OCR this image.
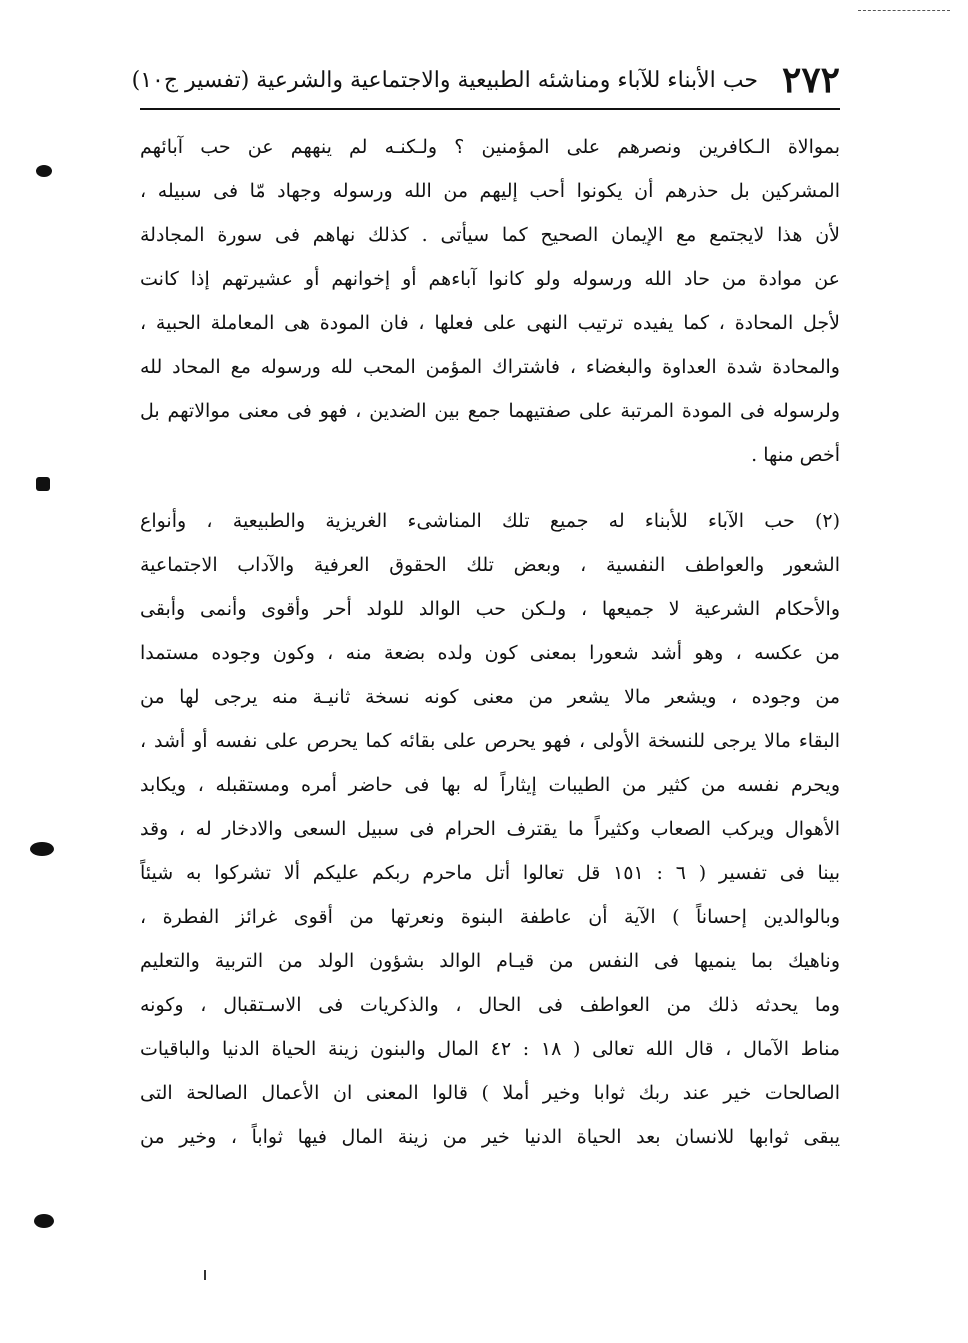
٢٧٢
حب الأبناء للآباء ومناشئه الطبيعية والاجتماعية والشرعية (تفسير ج١٠)
بموالاة الـكافرين ونصرهم على المؤمنين ؟ ولـكنـه لم ينههم عن حب آبائهم
المشركين بل حذرهم أن يكونوا أحب إليهم من الله ورسوله وجهاد مّا فى سبيله ،
لأن هذا لايجتمع مع الإيمان الصحيح كما سيأتى . كذلك نهاهم فى سورة المجادلة
عن موادة من حاد الله ورسوله ولو كانوا آباءهم أو إخوانهم أو عشيرتهم إذا كانت
لأجل المحادة ، كما يفيده ترتيب النهى على فعلها ، فان المودة هى المعاملة الحبية ،
والمحادة شدة العداوة والبغضاء ، فاشتراك المؤمن المحب لله ورسوله مع المحاد لله
ولرسوله فى المودة المرتبة على صفتيهما جمع بين الضدين ، فهو فى معنى موالاتهم بل
أخص منها .
(٢) حب الآباء للأبناء له جميع تلك المناشىء الغريزية والطبيعية ، وأنواع
الشعور والعواطف النفسية ، وبعض تلك الحقوق العرفية والآداب الاجتماعية
والأحكام الشرعية لا جميعها ، ولـكن حب الوالد للولد أحر وأقوى وأنمى وأبقى
من عكسه ، وهو أشد شعورا بمعنى كون ولده بضعة منه ، وكون وجوده مستمدا
من وجوده ، ويشعر مالا يشعر من معنى كونه نسخة ثانيـة منه يرجى لها من
البقاء مالا يرجى للنسخة الأولى ، فهو يحرص على بقائه كما يحرص على نفسه أو أشد ،
ويحرم نفسه من كثير من الطيبات إيثاراً له بها فى حاضر أمره ومستقبله ، ويكابد
الأهوال ويركب الصعاب وكثيراً ما يقترف الحرام فى سبيل السعى والادخار له ، وقد
بينا فى تفسير ( ٦ : ١٥١ قل تعالوا أتل ماحرم ربكم عليكم ألا تشركوا به شيئاً
وبالوالدين إحساناً ) الآية أن عاطفة البنوة ونعرتها من أقوى غرائز الفطرة ،
وناهيك بما ينميها فى النفس من قيـام الوالد بشؤون الولد من التربية والتعليم
وما يحدثه ذلك من العواطف فى الحال ، والذكريات فى الاسـتقبال ، وكونه
مناط الآمال ، قال الله تعالى ( ١٨ : ٤٢ المال والبنون زينة الحياة الدنيا والباقيات
الصالحات خير عند ربك ثوابا وخير أملا ) قالوا المعنى ان الأعمال الصالحة التى
يبقى ثوابها للانسان بعد الحياة الدنيا خير من زينة المال فيها ثواباً ، وخير من
